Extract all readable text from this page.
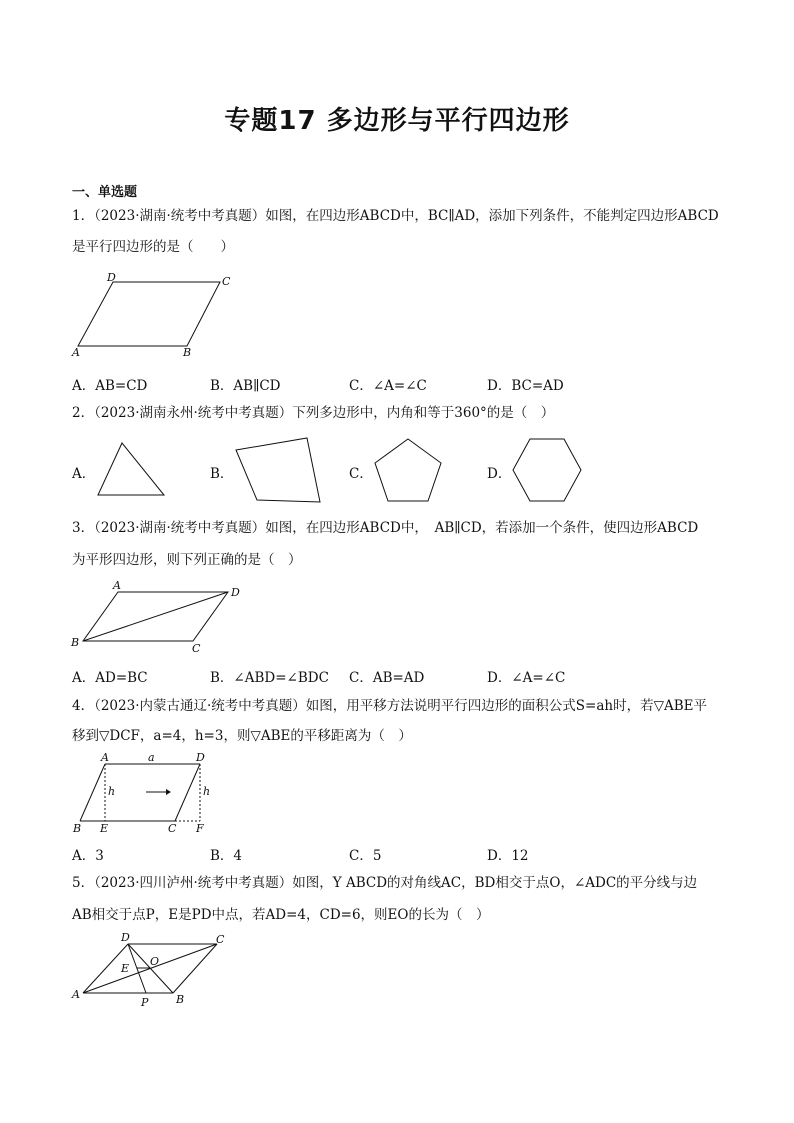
专题17 多边形与平行四边形
一、单选题
1．（2023·湖南·统考中考真题）如图，在四边形ABCD中，BC∥AD，添加下列条件，不能判定四边形ABCD
是平行四边形的是（　　）
D	C
A	B
A．AB=CD	B．AB∥CD	C．∠A=∠C	D．BC=AD
2．（2023·湖南永州·统考中考真题）下列多边形中，内角和等于360°的是（　）
A．	B．	C．	D．
3．（2023·湖南·统考中考真题）如图，在四边形ABCD中，　AB∥CD，若添加一个条件，使四边形ABCD
为平形四边形，则下列正确的是（　）
A
D
B	C
A．AD=BC	B．∠ABD=∠BDC C．AB=AD	D．∠A=∠C
4．（2023·内蒙古通辽·统考中考真题）如图，用平移方法说明平行四边形的面积公式S=ah时，若▽ABE平
移到▽DCF，a=4，h=3，则▽ABE的平移距离为（　）
A	a	D
h	h
B E	C F
A．3	B．4	C．5	D．12
5．（2023·四川泸州·统考中考真题）如图，Y ABCD的对角线AC，BD相交于点O，∠ADC的平分线与边
AB相交于点P，E是PD中点，若AD=4，CD=6，则EO的长为（　）
D	C
E
O
A
P	B
